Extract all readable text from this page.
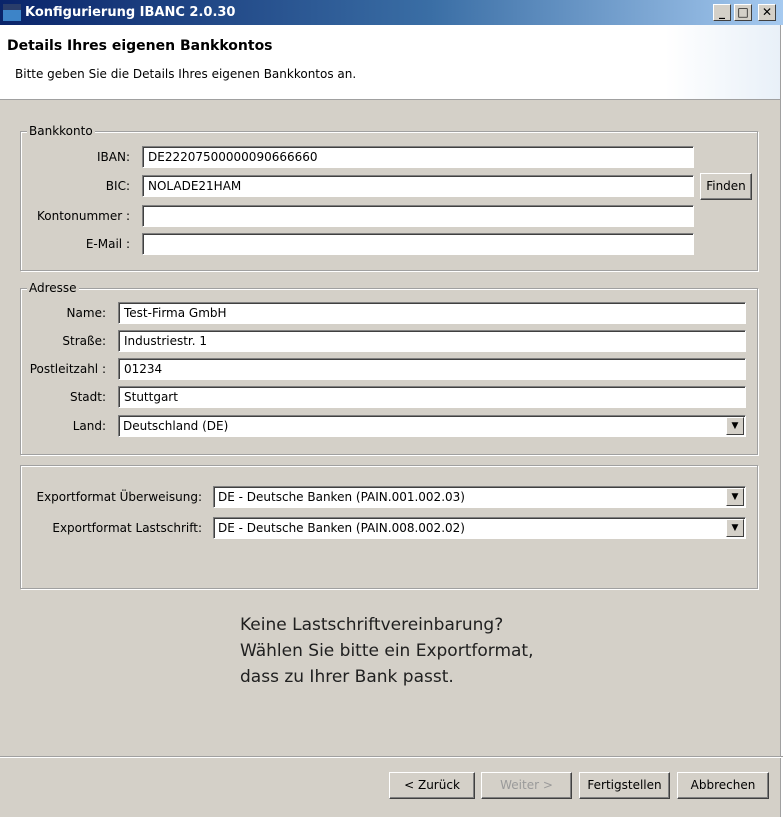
Konfigurierung IBANC 2.0.30	_	□	✕
Details Ihres eigenen Bankkontos
Bitte geben Sie die Details Ihres eigenen Bankkontos an.
Bankkonto
IBAN:	DE22207500000090666660
BIC:	NOLADE21HAM	Finden
Kontonummer :
E-Mail :
Adresse
Name:	Test-Firma GmbH
Straße:	Industriestr. 1
Postleitzahl :	01234
Stadt:	Stuttgart
Land:	Deutschland (DE)	▼
Exportformat Überweisung:	DE - Deutsche Banken (PAIN.001.002.03)	▼
Exportformat Lastschrift:	DE - Deutsche Banken (PAIN.008.002.02)	▼
Keine Lastschriftvereinbarung?
Wählen Sie bitte ein Exportformat,
dass zu Ihrer Bank passt.
< Zurück	Weiter >	Fertigstellen	Abbrechen
